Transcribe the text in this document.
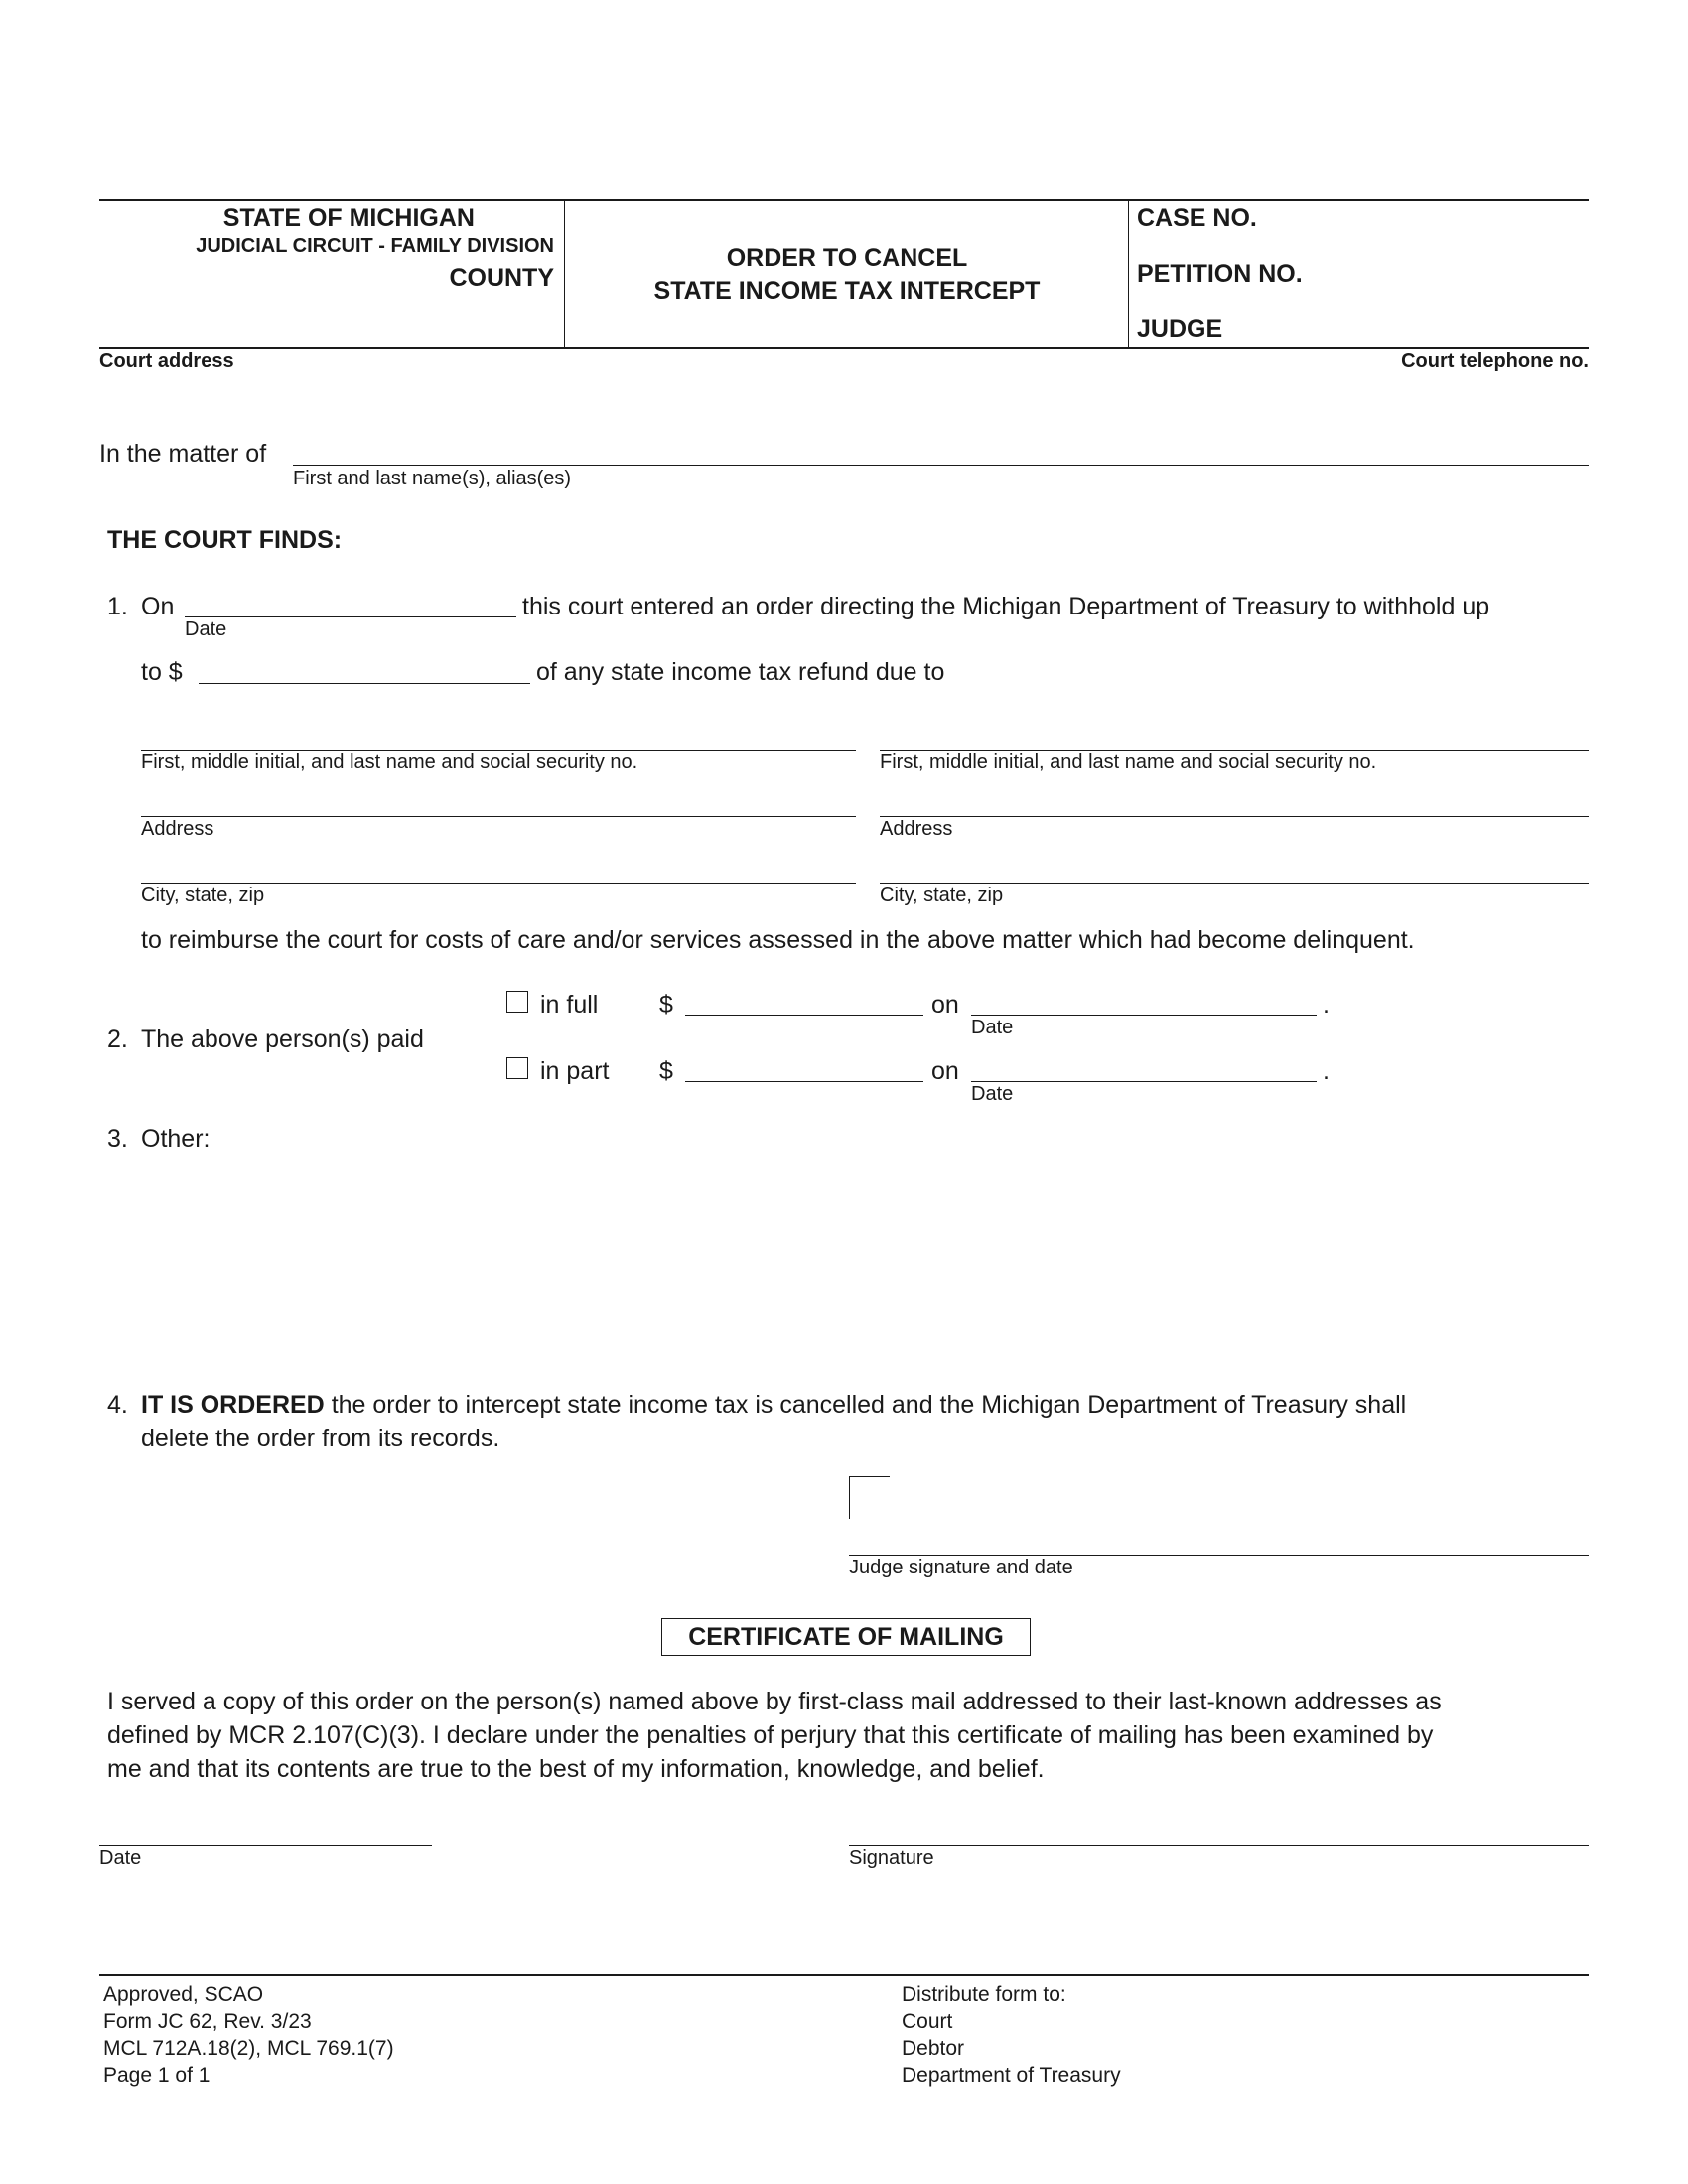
STATE OF MICHIGAN
JUDICIAL CIRCUIT - FAMILY DIVISION
COUNTY
ORDER TO CANCEL
STATE INCOME TAX INTERCEPT
CASE NO.
PETITION NO.
JUDGE
Court address	Court telephone no.
In the matter of
First and last name(s), alias(es)
THE COURT FINDS:
1. On
Date
this court entered an order directing the Michigan Department of Treasury to withhold up
to $	of any state income tax refund due to
First, middle initial, and last name and social security no.	First, middle initial, and last name and social security no.
Address	Address
City, state, zip	City, state, zip
to reimburse the court for costs of care and/or services assessed in the above matter which had become delinquent.
2. The above person(s) paid
in full $	on
Date
.
in part $	on
Date
.
3. Other:
4. IT IS ORDERED the order to intercept state income tax is cancelled and the Michigan Department of Treasury shall
delete the order from its records.
Judge signature and date
CERTIFICATE OF MAILING
I served a copy of this order on the person(s) named above by first-class mail addressed to their last-known addresses as
defined by MCR 2.107(C)(3). I declare under the penalties of perjury that this certificate of mailing has been examined by
me and that its contents are true to the best of my information, knowledge, and belief.
Date	Signature
Approved, SCAO
Form JC 62, Rev. 3/23
MCL 712A.18(2), MCL 769.1(7)
Page 1 of 1
Distribute form to:
Court
Debtor
Department of Treasury
